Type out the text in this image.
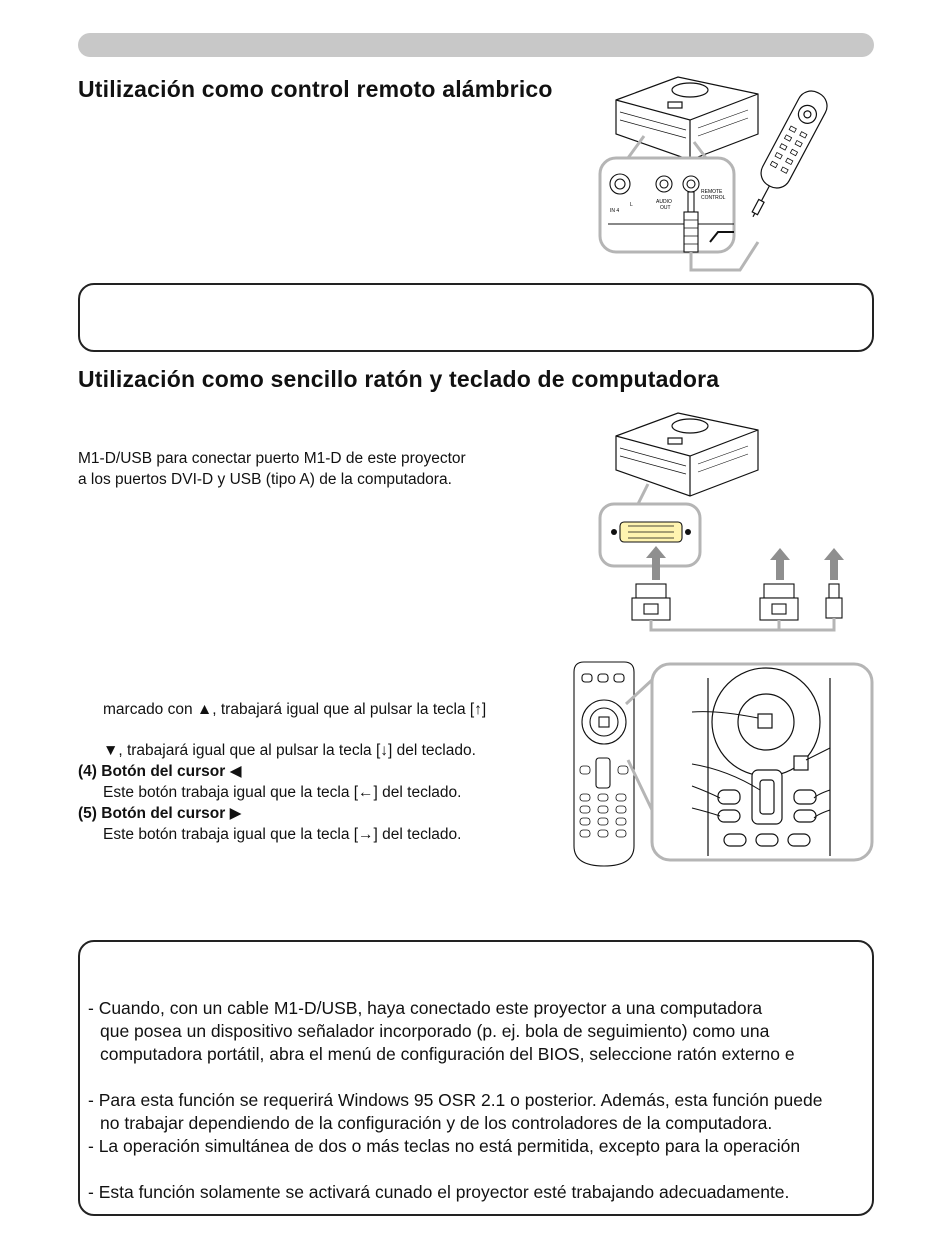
Utilización como control remoto alámbrico
AUDIO
OUT
REMOTE
CONTROL
IN 4
L
Utilización como sencillo ratón y teclado de computadora
M1-D/USB para conectar puerto M1-D de este proyector
a los puertos DVI-D y USB (tipo A) de la computadora.
marcado con ▲, trabajará igual que al pulsar la tecla [↑]
▼, trabajará igual que al pulsar la tecla [↓] del teclado.
(4) Botón del cursor ◀
Este botón trabaja igual que la tecla [←] del teclado.
(5) Botón del cursor ▶
Este botón trabaja igual que la tecla [→] del teclado.
- Cuando, con un cable M1-D/USB, haya conectado este proyector a una computadora
que posea un dispositivo señalador incorporado (p. ej. bola de seguimiento) como una
computadora portátil, abra el menú de configuración del BIOS, seleccione ratón externo e
- Para esta función se requerirá Windows 95 OSR 2.1 o posterior. Además, esta función puede
no trabajar dependiendo de la configuración y de los controladores de la computadora.
- La operación simultánea de dos o más teclas no está permitida, excepto para la operación
- Esta función solamente se activará cunado el proyector esté trabajando adecuadamente.
